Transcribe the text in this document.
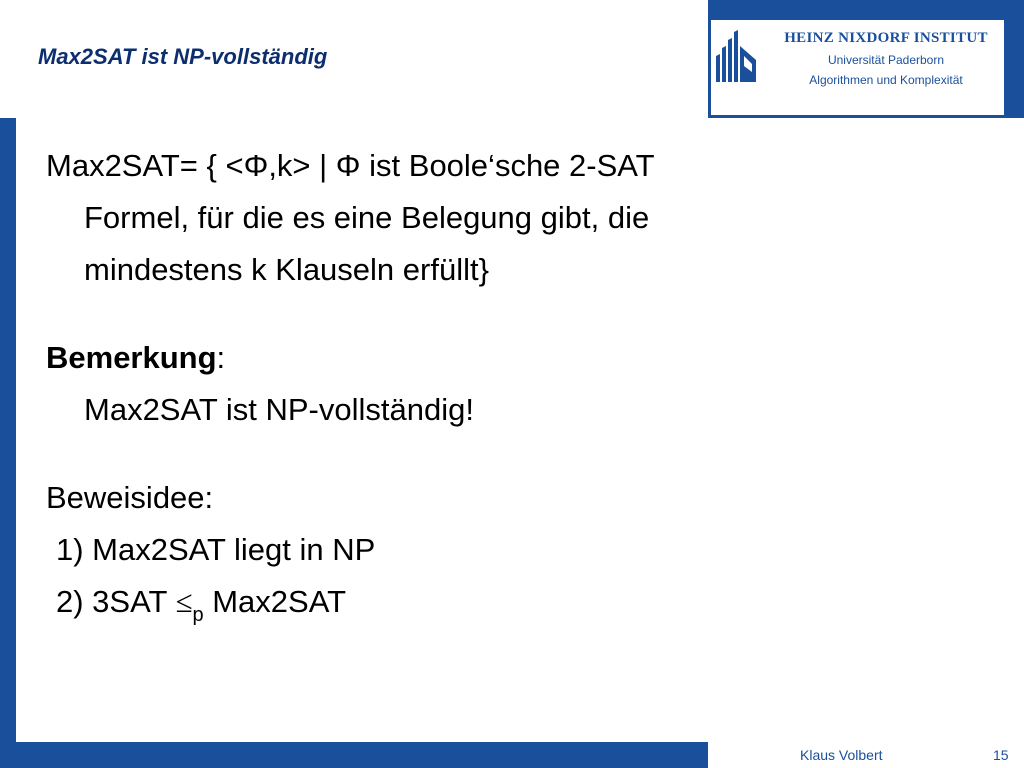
HEINZ NIXDORF INSTITUT
Universität Paderborn
Algorithmen und Komplexität
Max2SAT ist NP-vollständig

Max2SAT= { <Φ,k> | Φ ist Boole‘sche 2-SAT

Formel, für die es eine Belegung gibt, die

mindestens k Klauseln erfüllt}

Bemerkung:

Max2SAT ist NP-vollständig!

Beweisidee:

1) Max2SAT liegt in NP

2) $3SAT \le_p$ Max2SAT

Klaus Volbert	15
